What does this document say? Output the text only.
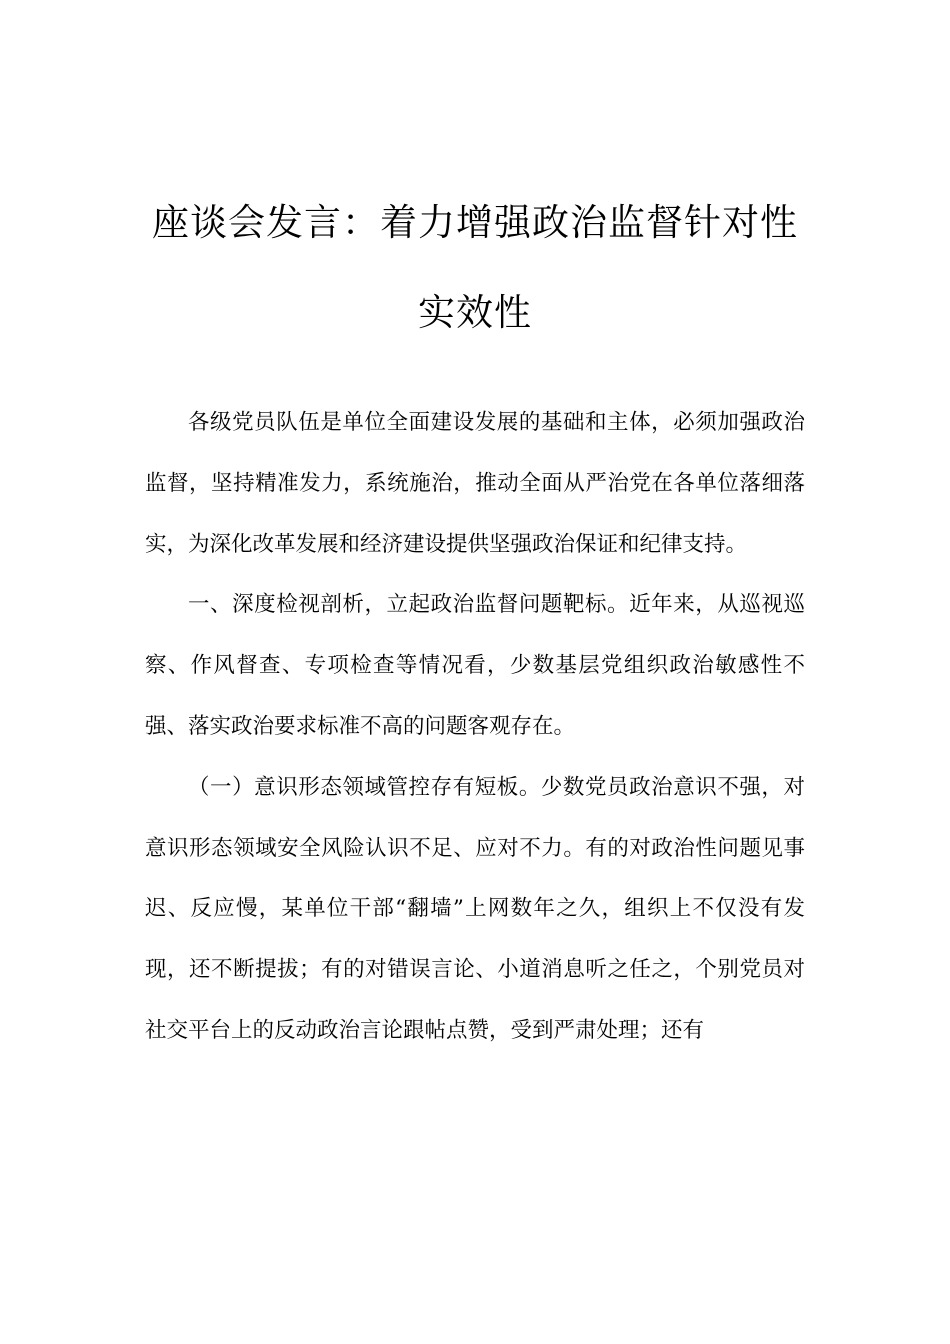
座谈会发言：着力增强政治监督针对性实效性

各级党员队伍是单位全面建设发展的基础和主体，必须加强政治监督，坚持精准发力，系统施治，推动全面从严治党在各单位落细落实，为深化改革发展和经济建设提供坚强政治保证和纪律支持。

一、深度检视剖析，立起政治监督问题靶标。近年来，从巡视巡察、作风督查、专项检查等情况看，少数基层党组织政治敏感性不强、落实政治要求标准不高的问题客观存在。

（一）意识形态领域管控存有短板。少数党员政治意识不强，对意识形态领域安全风险认识不足、应对不力。有的对政治性问题见事迟、反应慢，某单位干部“翻墙”上网数年之久，组织上不仅没有发现，还不断提拔；有的对错误言论、小道消息听之任之，个别党员对社交平台上的反动政治言论跟帖点赞，受到严肃处理；还有
